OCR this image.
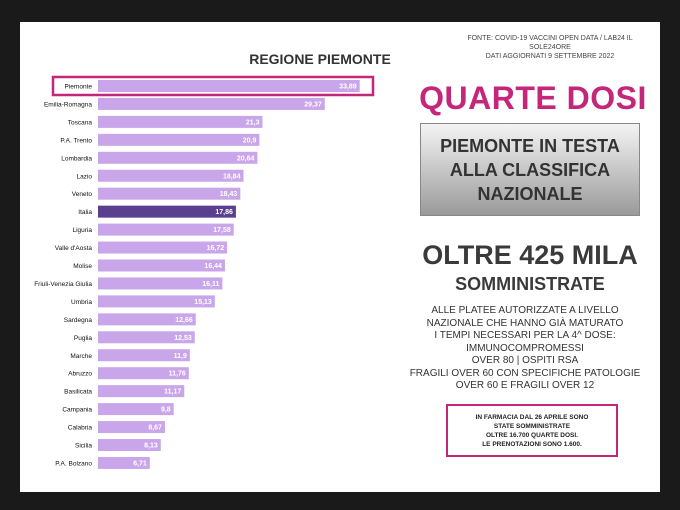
FONTE: COVID-19 VACCINI OPEN DATA / LAB24 IL SOLE24ORE
DATI AGGIORNATI 9 SETTEMBRE 2022
REGIONE PIEMONTE
Piemonte	33,89
Emilia-Romagna	29,37
Toscana	21,3
P.A. Trento	20,9
Lombardia	20,64
Lazio	18,84
Veneto	18,43
Italia	17,86
Liguria	17,58
Valle d'Aosta	16,72
Molise	16,44
Friuli-Venezia Giulia	16,11
Umbria	15,13
Sardegna	12,66
Puglia	12,53
Marche	11,9
Abruzzo	11,76
Basilicata	11,17
Campania	9,8
Calabria	8,67
Sicilia	8,13
P.A. Bolzano	6,71
QUARTE DOSI
PIEMONTE IN TESTA
ALLA CLASSIFICA
NAZIONALE
OLTRE 425 MILA
SOMMINISTRATE
ALLE PLATEE AUTORIZZATE A LIVELLO
NAZIONALE CHE HANNO GIÀ MATURATO
I TEMPI NECESSARI PER LA 4^ DOSE:
IMMUNOCOMPROMESSI
OVER 80 | OSPITI RSA
FRAGILI OVER 60 CON SPECIFICHE PATOLOGIE
OVER 60 E FRAGILI OVER 12
IN FARMACIA DAL 26 APRILE SONO
STATE SOMMINISTRATE
OLTRE 16.700 QUARTE DOSI.
LE PRENOTAZIONI SONO 1.600.
